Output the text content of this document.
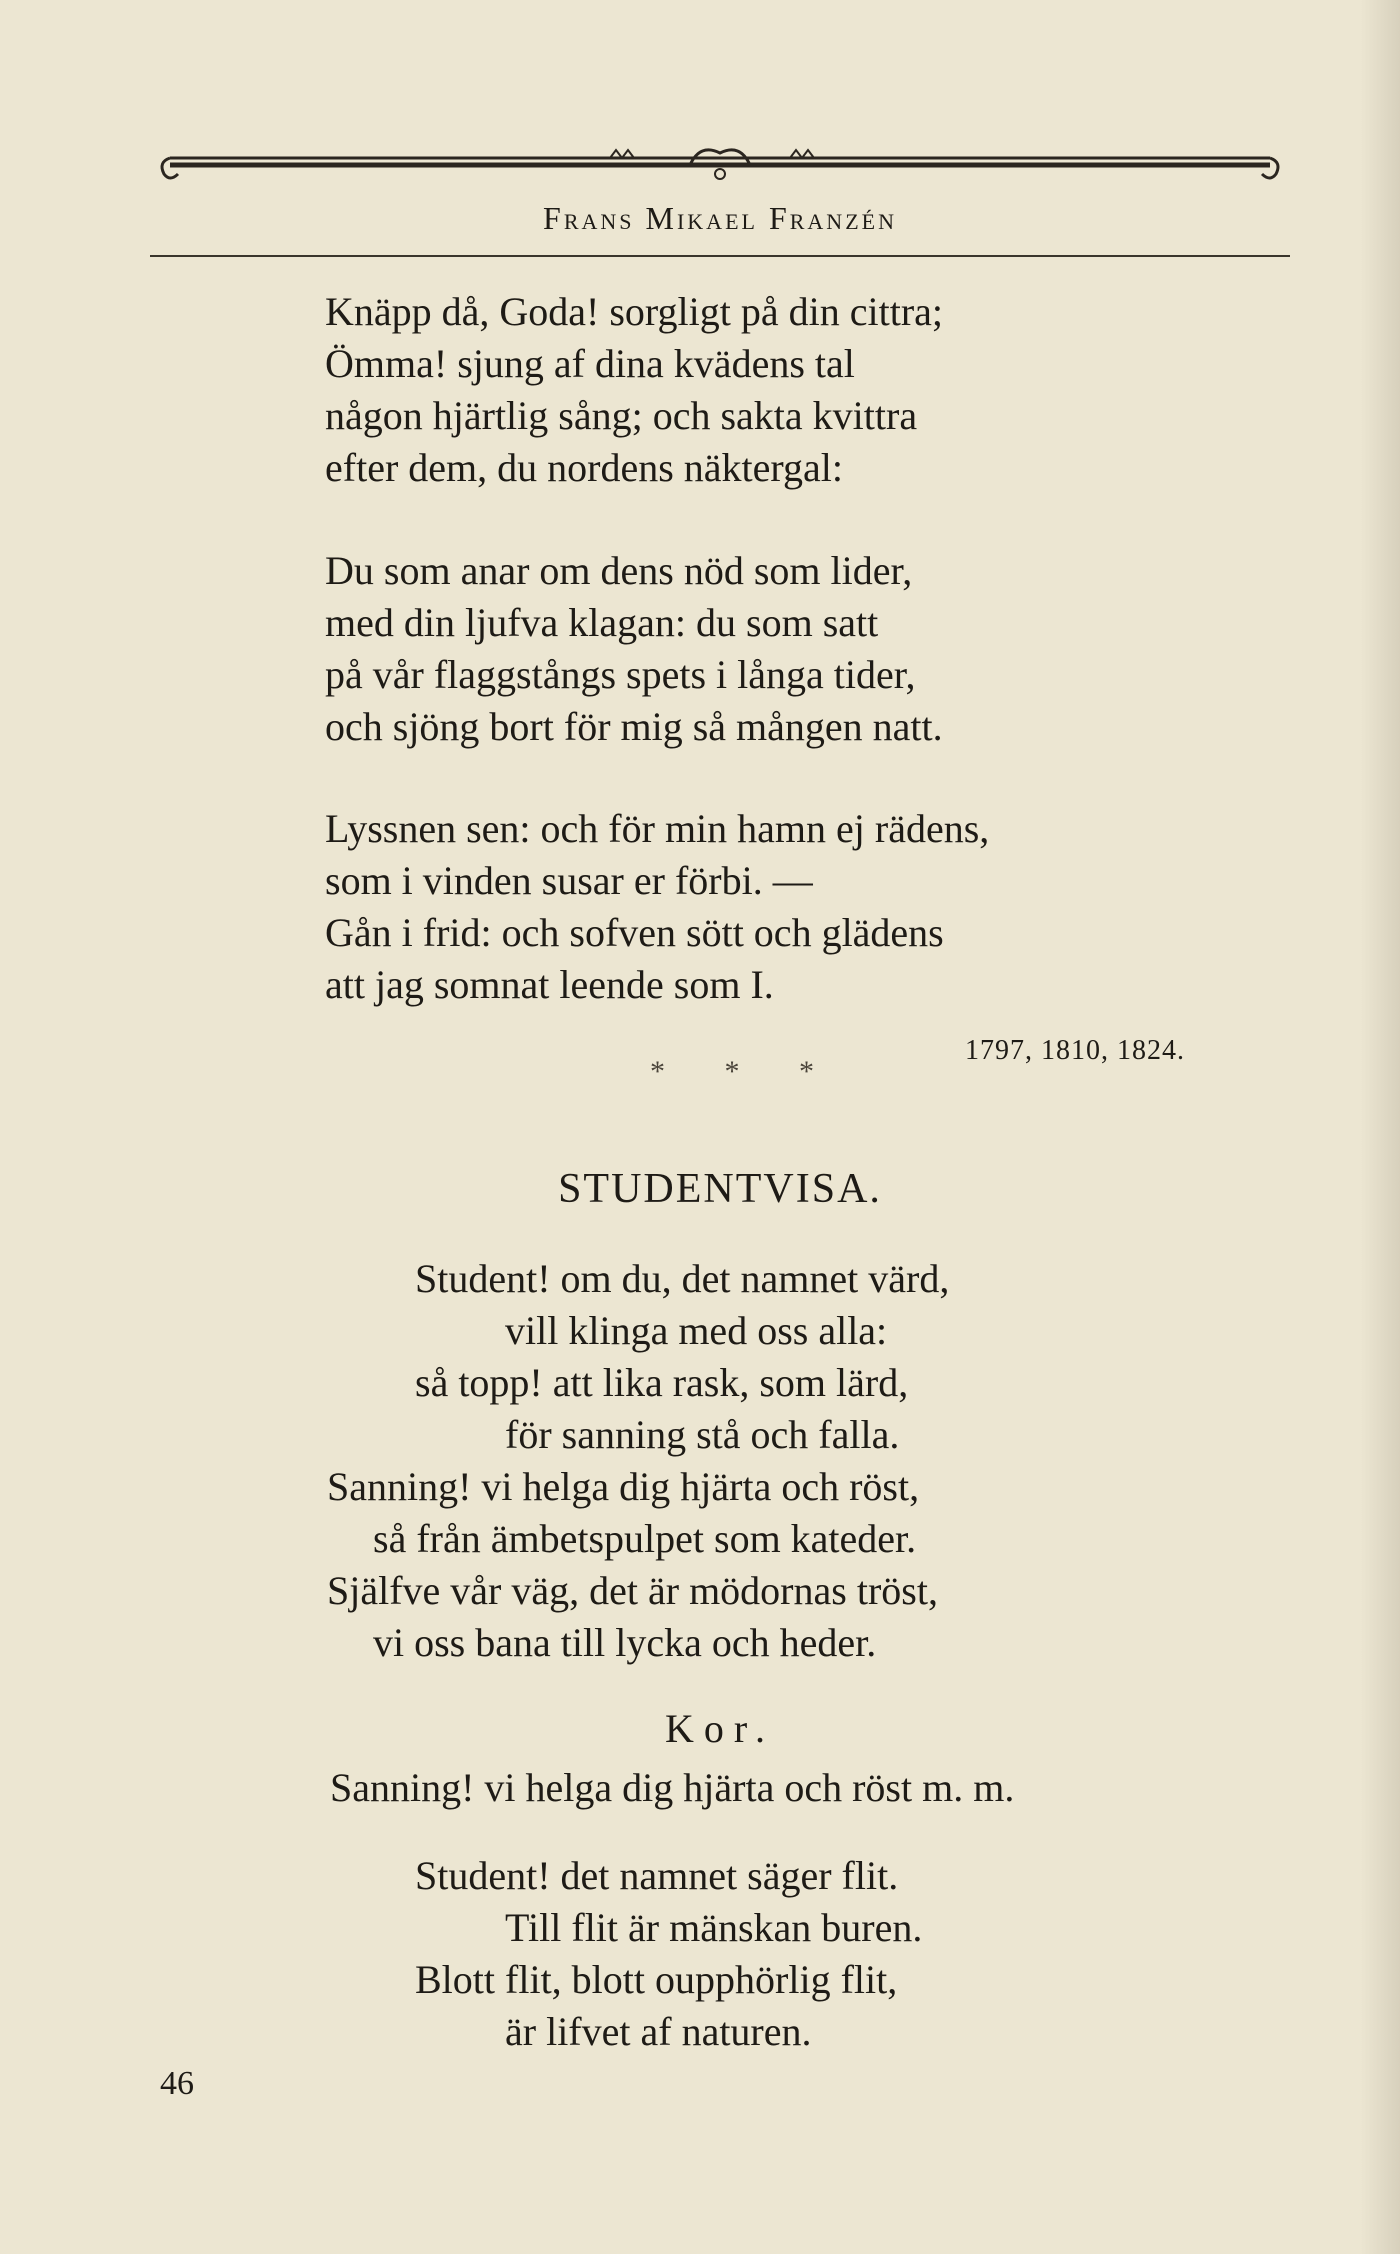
Frans Mikael Franzén
Knäpp då, Goda! sorgligt på din cittra;
Ömma! sjung af dina kvädens tal
någon hjärtlig sång; och sakta kvittra
efter dem, du nordens näktergal:
Du som anar om dens nöd som lider,
med din ljufva klagan: du som satt
på vår flaggstångs spets i långa tider,
och sjöng bort för mig så mången natt.
Lyssnen sen: och för min hamn ej rädens,
som i vinden susar er förbi. —
Gån i frid: och sofven sött och glädens
att jag somnat leende som I.
1797, 1810, 1824.
* * *
STUDENTVISA.
Student! om du, det namnet värd,
vill klinga med oss alla:
så topp! att lika rask, som lärd,
för sanning stå och falla.
Sanning! vi helga dig hjärta och röst,
så från ämbetspulpet som kateder.
Själfve vår väg, det är mödornas tröst,
vi oss bana till lycka och heder.
Kor.
Sanning! vi helga dig hjärta och röst m. m.
Student! det namnet säger flit.
Till flit är mänskan buren.
Blott flit, blott oupphörlig flit,
är lifvet af naturen.
46
